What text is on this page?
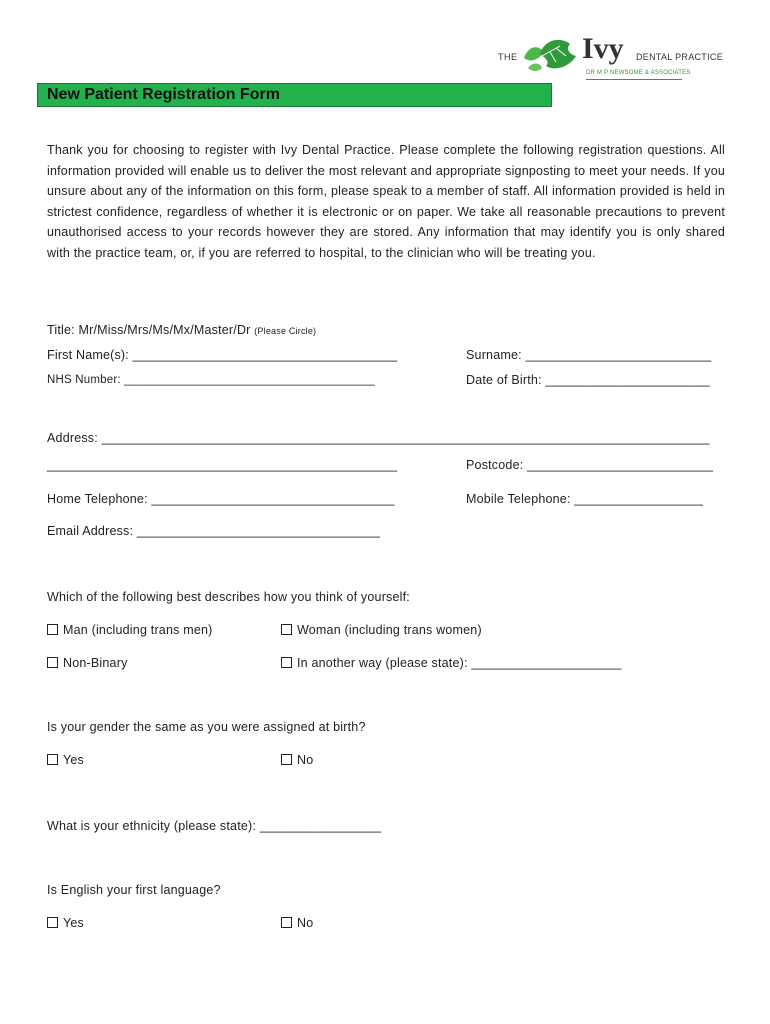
THE Ivy DENTAL PRACTICE
DR M P NEWSOME & ASSOCIATES
New Patient Registration Form
Thank you for choosing to register with Ivy Dental Practice. Please complete the following registration questions. All information provided will enable us to deliver the most relevant and appropriate signposting to meet your needs. If you unsure about any of the information on this form, please speak to a member of staff. All information provided is held in strictest confidence, regardless of whether it is electronic or on paper. We take all reasonable precautions to prevent unauthorised access to your records however they are stored. Any information that may identify you is only shared with the practice team, or, if you are referred to hospital, to the clinician who will be treating you.
Title: Mr/Miss/Mrs/Ms/Mx/Master/Dr (Please Circle)
First Name(s): _____________________________________	Surname: __________________________
NHS Number: ______________________________________	Date of Birth: _______________________
Address: _____________________________________________________________________________________
_________________________________________________	Postcode: __________________________
Home Telephone: __________________________________	Mobile Telephone: __________________
Email Address: __________________________________
Which of the following best describes how you think of yourself:
Man (including trans men)	Woman (including trans women)
Non-Binary	In another way (please state): _____________________
Is your gender the same as you were assigned at birth?
Yes	No
What is your ethnicity (please state): _________________
Is English your first language?
Yes	No
